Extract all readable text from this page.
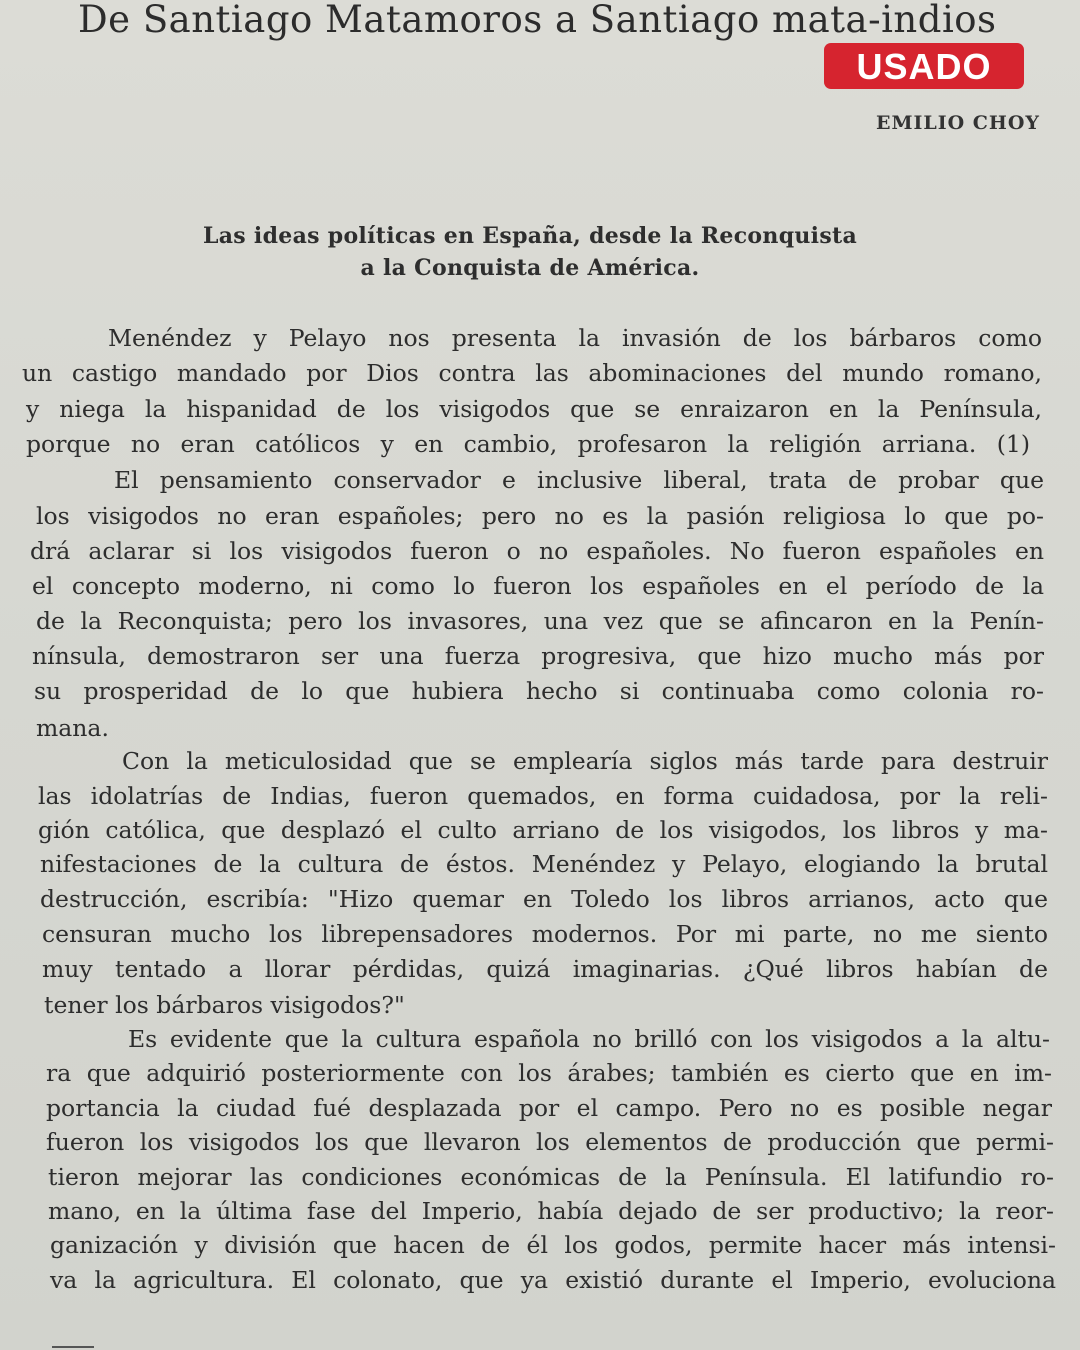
De Santiago Matamoros a Santiago mata-indios
USADO
EMILIO CHOY
Las ideas políticas en España, desde la Reconquista
a la Conquista de América.
Menéndez y Pelayo nos presenta la invasión de los bárbaros como
un castigo mandado por Dios contra las abominaciones del mundo romano,
y niega la hispanidad de los visigodos que se enraizaron en la Península,
porque no eran católicos y en cambio, profesaron la religión arriana. (1)
El pensamiento conservador e inclusive liberal, trata de probar que
los visigodos no eran españoles; pero no es la pasión religiosa lo que po-
drá aclarar si los visigodos fueron o no españoles. No fueron españoles en
el concepto moderno, ni como lo fueron los españoles en el período de la
de la Reconquista; pero los invasores, una vez que se afincaron en la Penín-
nínsula, demostraron ser una fuerza progresiva, que hizo mucho más por
su prosperidad de lo que hubiera hecho si continuaba como colonia ro-
mana.
Con la meticulosidad que se emplearía siglos más tarde para destruir
las idolatrías de Indias, fueron quemados, en forma cuidadosa, por la reli-
gión católica, que desplazó el culto arriano de los visigodos, los libros y ma-
nifestaciones de la cultura de éstos. Menéndez y Pelayo, elogiando la brutal
destrucción, escribía: "Hizo quemar en Toledo los libros arrianos, acto que
censuran mucho los librepensadores modernos. Por mi parte, no me siento
muy tentado a llorar pérdidas, quizá imaginarias. ¿Qué libros habían de
tener los bárbaros visigodos?"
Es evidente que la cultura española no brilló con los visigodos a la altu-
ra que adquirió posteriormente con los árabes; también es cierto que en im-
portancia la ciudad fué desplazada por el campo. Pero no es posible negar
fueron los visigodos los que llevaron los elementos de producción que permi-
tieron mejorar las condiciones económicas de la Península. El latifundio ro-
mano, en la última fase del Imperio, había dejado de ser productivo; la reor-
ganización y división que hacen de él los godos, permite hacer más intensi-
va la agricultura. El colonato, que ya existió durante el Imperio, evoluciona
